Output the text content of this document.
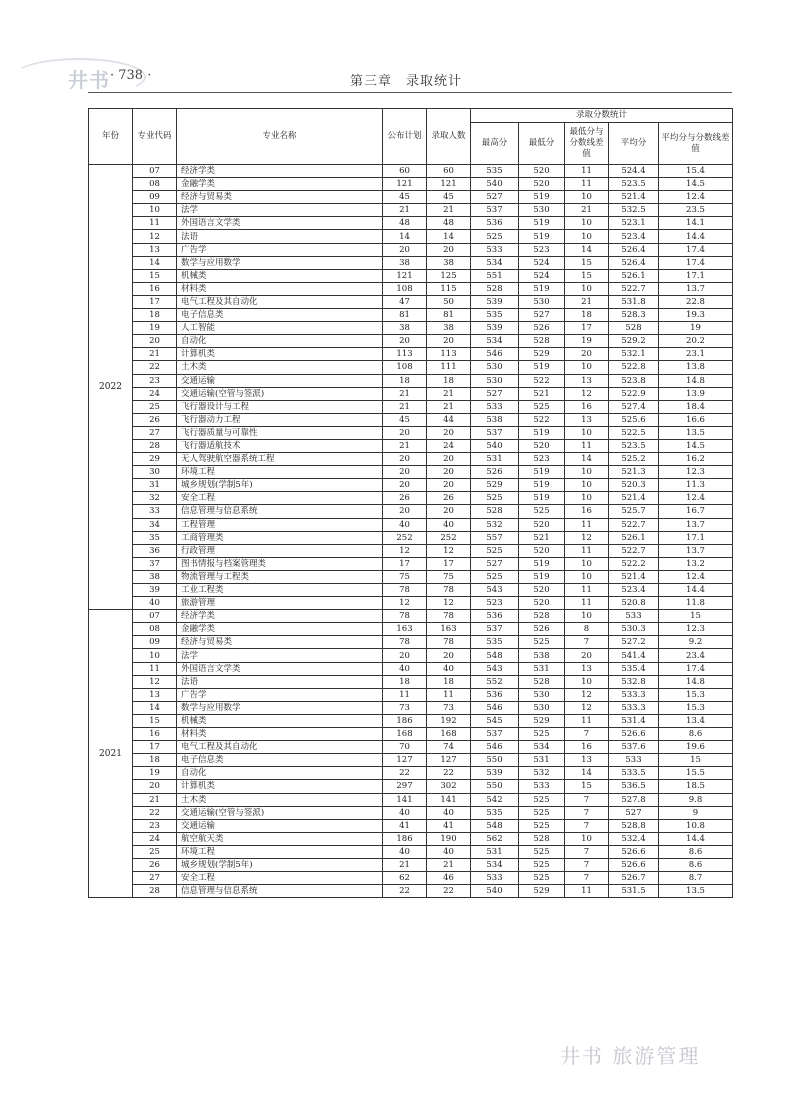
井书 · 738 ·	第三章　录取统计
年份	专业代码	专业名称	公布计划	录取人数	录取分数统计				
					最高分	最低分	最低分与分数线差值	平均分	平均分与分数线差值
2022	07	经济学类	60	60	535	520	11	524.4	15.4
	08	金融学类	121	121	540	520	11	523.5	14.5
	09	经济与贸易类	45	45	527	519	10	521.4	12.4
	10	法学	21	21	537	530	21	532.5	23.5
	11	外国语言文学类	48	48	536	519	10	523.1	14.1
	12	法语	14	14	525	519	10	523.4	14.4
	13	广告学	20	20	533	523	14	526.4	17.4
	14	数学与应用数学	38	38	534	524	15	526.4	17.4
	15	机械类	121	125	551	524	15	526.1	17.1
	16	材料类	108	115	528	519	10	522.7	13.7
	17	电气工程及其自动化	47	50	539	530	21	531.8	22.8
	18	电子信息类	81	81	535	527	18	528.3	19.3
	19	人工智能	38	38	539	526	17	528	19
	20	自动化	20	20	534	528	19	529.2	20.2
	21	计算机类	113	113	546	529	20	532.1	23.1
	22	土木类	108	111	530	519	10	522.8	13.8
	23	交通运输	18	18	530	522	13	523.8	14.8
	24	交通运输(空管与签派)	21	21	527	521	12	522.9	13.9
	25	飞行器设计与工程	21	21	533	525	16	527.4	18.4
	26	飞行器动力工程	45	44	538	522	13	525.6	16.6
	27	飞行器质量与可靠性	20	20	537	519	10	522.5	13.5
	28	飞行器适航技术	21	24	540	520	11	523.5	14.5
	29	无人驾驶航空器系统工程	20	20	531	523	14	525.2	16.2
	30	环境工程	20	20	526	519	10	521.3	12.3
	31	城乡规划(学制5年)	20	20	529	519	10	520.3	11.3
	32	安全工程	26	26	525	519	10	521.4	12.4
	33	信息管理与信息系统	20	20	528	525	16	525.7	16.7
	34	工程管理	40	40	532	520	11	522.7	13.7
	35	工商管理类	252	252	557	521	12	526.1	17.1
	36	行政管理	12	12	525	520	11	522.7	13.7
	37	图书情报与档案管理类	17	17	527	519	10	522.2	13.2
	38	物流管理与工程类	75	75	525	519	10	521.4	12.4
	39	工业工程类	78	78	543	520	11	523.4	14.4
	40	旅游管理	12	12	523	520	11	520.8	11.8
2021	07	经济学类	78	78	536	528	10	533	15
	08	金融学类	163	163	537	526	8	530.3	12.3
	09	经济与贸易类	78	78	535	525	7	527.2	9.2
	10	法学	20	20	548	538	20	541.4	23.4
	11	外国语言文学类	40	40	543	531	13	535.4	17.4
	12	法语	18	18	552	528	10	532.8	14.8
	13	广告学	11	11	536	530	12	533.3	15.3
	14	数学与应用数学	73	73	546	530	12	533.3	15.3
	15	机械类	186	192	545	529	11	531.4	13.4
	16	材料类	168	168	537	525	7	526.6	8.6
	17	电气工程及其自动化	70	74	546	534	16	537.6	19.6
	18	电子信息类	127	127	550	531	13	533	15
	19	自动化	22	22	539	532	14	533.5	15.5
	20	计算机类	297	302	550	533	15	536.5	18.5
	21	土木类	141	141	542	525	7	527.8	9.8
	22	交通运输(空管与签派)	40	40	535	525	7	527	9
	23	交通运输	41	41	548	525	7	528.8	10.8
	24	航空航天类	186	190	562	528	10	532.4	14.4
	25	环境工程	40	40	531	525	7	526.6	8.6
	26	城乡规划(学制5年)	21	21	534	525	7	526.6	8.6
	27	安全工程	62	46	533	525	7	526.7	8.7
	28	信息管理与信息系统	22	22	540	529	11	531.5	13.5
井书 旅游管理
